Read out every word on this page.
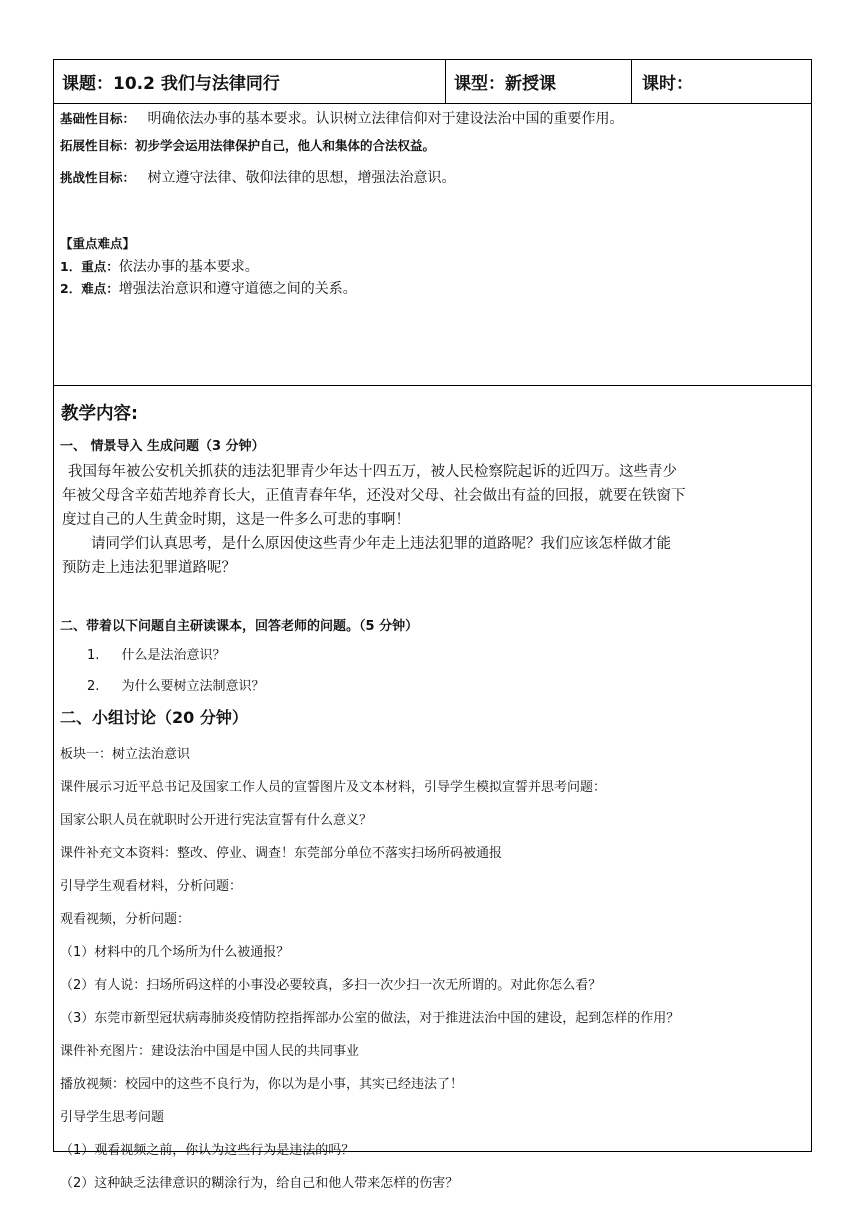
课题：10.2 我们与法律同行	课型：新授课	课时：
基础性目标： 明确依法办事的基本要求。认识树立法律信仰对于建设法治中国的重要作用。
拓展性目标：初步学会运用法律保护自己，他人和集体的合法权益。
挑战性目标： 树立遵守法律、敬仰法律的思想，增强法治意识。
【重点难点】
1．重点：依法办事的基本要求。
2．难点：增强法治意识和遵守道德之间的关系。
教学内容:
一、 情景导入 生成问题（3 分钟）
我国每年被公安机关抓获的违法犯罪青少年达十四五万，被人民检察院起诉的近四万。这些青少
年被父母含辛茹苦地养育长大，正值青春年华，还没对父母、社会做出有益的回报，就要在铁窗下
度过自己的人生黄金时期，这是一件多么可悲的事啊！
请同学们认真思考，是什么原因使这些青少年走上违法犯罪的道路呢？我们应该怎样做才能
预防走上违法犯罪道路呢？
二、带着以下问题自主研读课本，回答老师的问题。（5 分钟）
1. 什么是法治意识？
2. 为什么要树立法制意识？
二、小组讨论（20 分钟）
板块一：树立法治意识
课件展示习近平总书记及国家工作人员的宣誓图片及文本材料，引导学生模拟宣誓并思考问题：
国家公职人员在就职时公开进行宪法宣誓有什么意义？
课件补充文本资料：整改、停业、调查！东莞部分单位不落实扫场所码被通报
引导学生观看材料，分析问题：
观看视频，分析问题：
（1）材料中的几个场所为什么被通报？
（2）有人说：扫场所码这样的小事没必要较真，多扫一次少扫一次无所谓的。对此你怎么看？
（3）东莞市新型冠状病毒肺炎疫情防控指挥部办公室的做法，对于推进法治中国的建设，起到怎样的作用？
课件补充图片：建设法治中国是中国人民的共同事业
播放视频：校园中的这些不良行为，你以为是小事，其实已经违法了！
引导学生思考问题
（1）观看视频之前，你认为这些行为是违法的吗？
（2）这种缺乏法律意识的糊涂行为，给自己和他人带来怎样的伤害？
